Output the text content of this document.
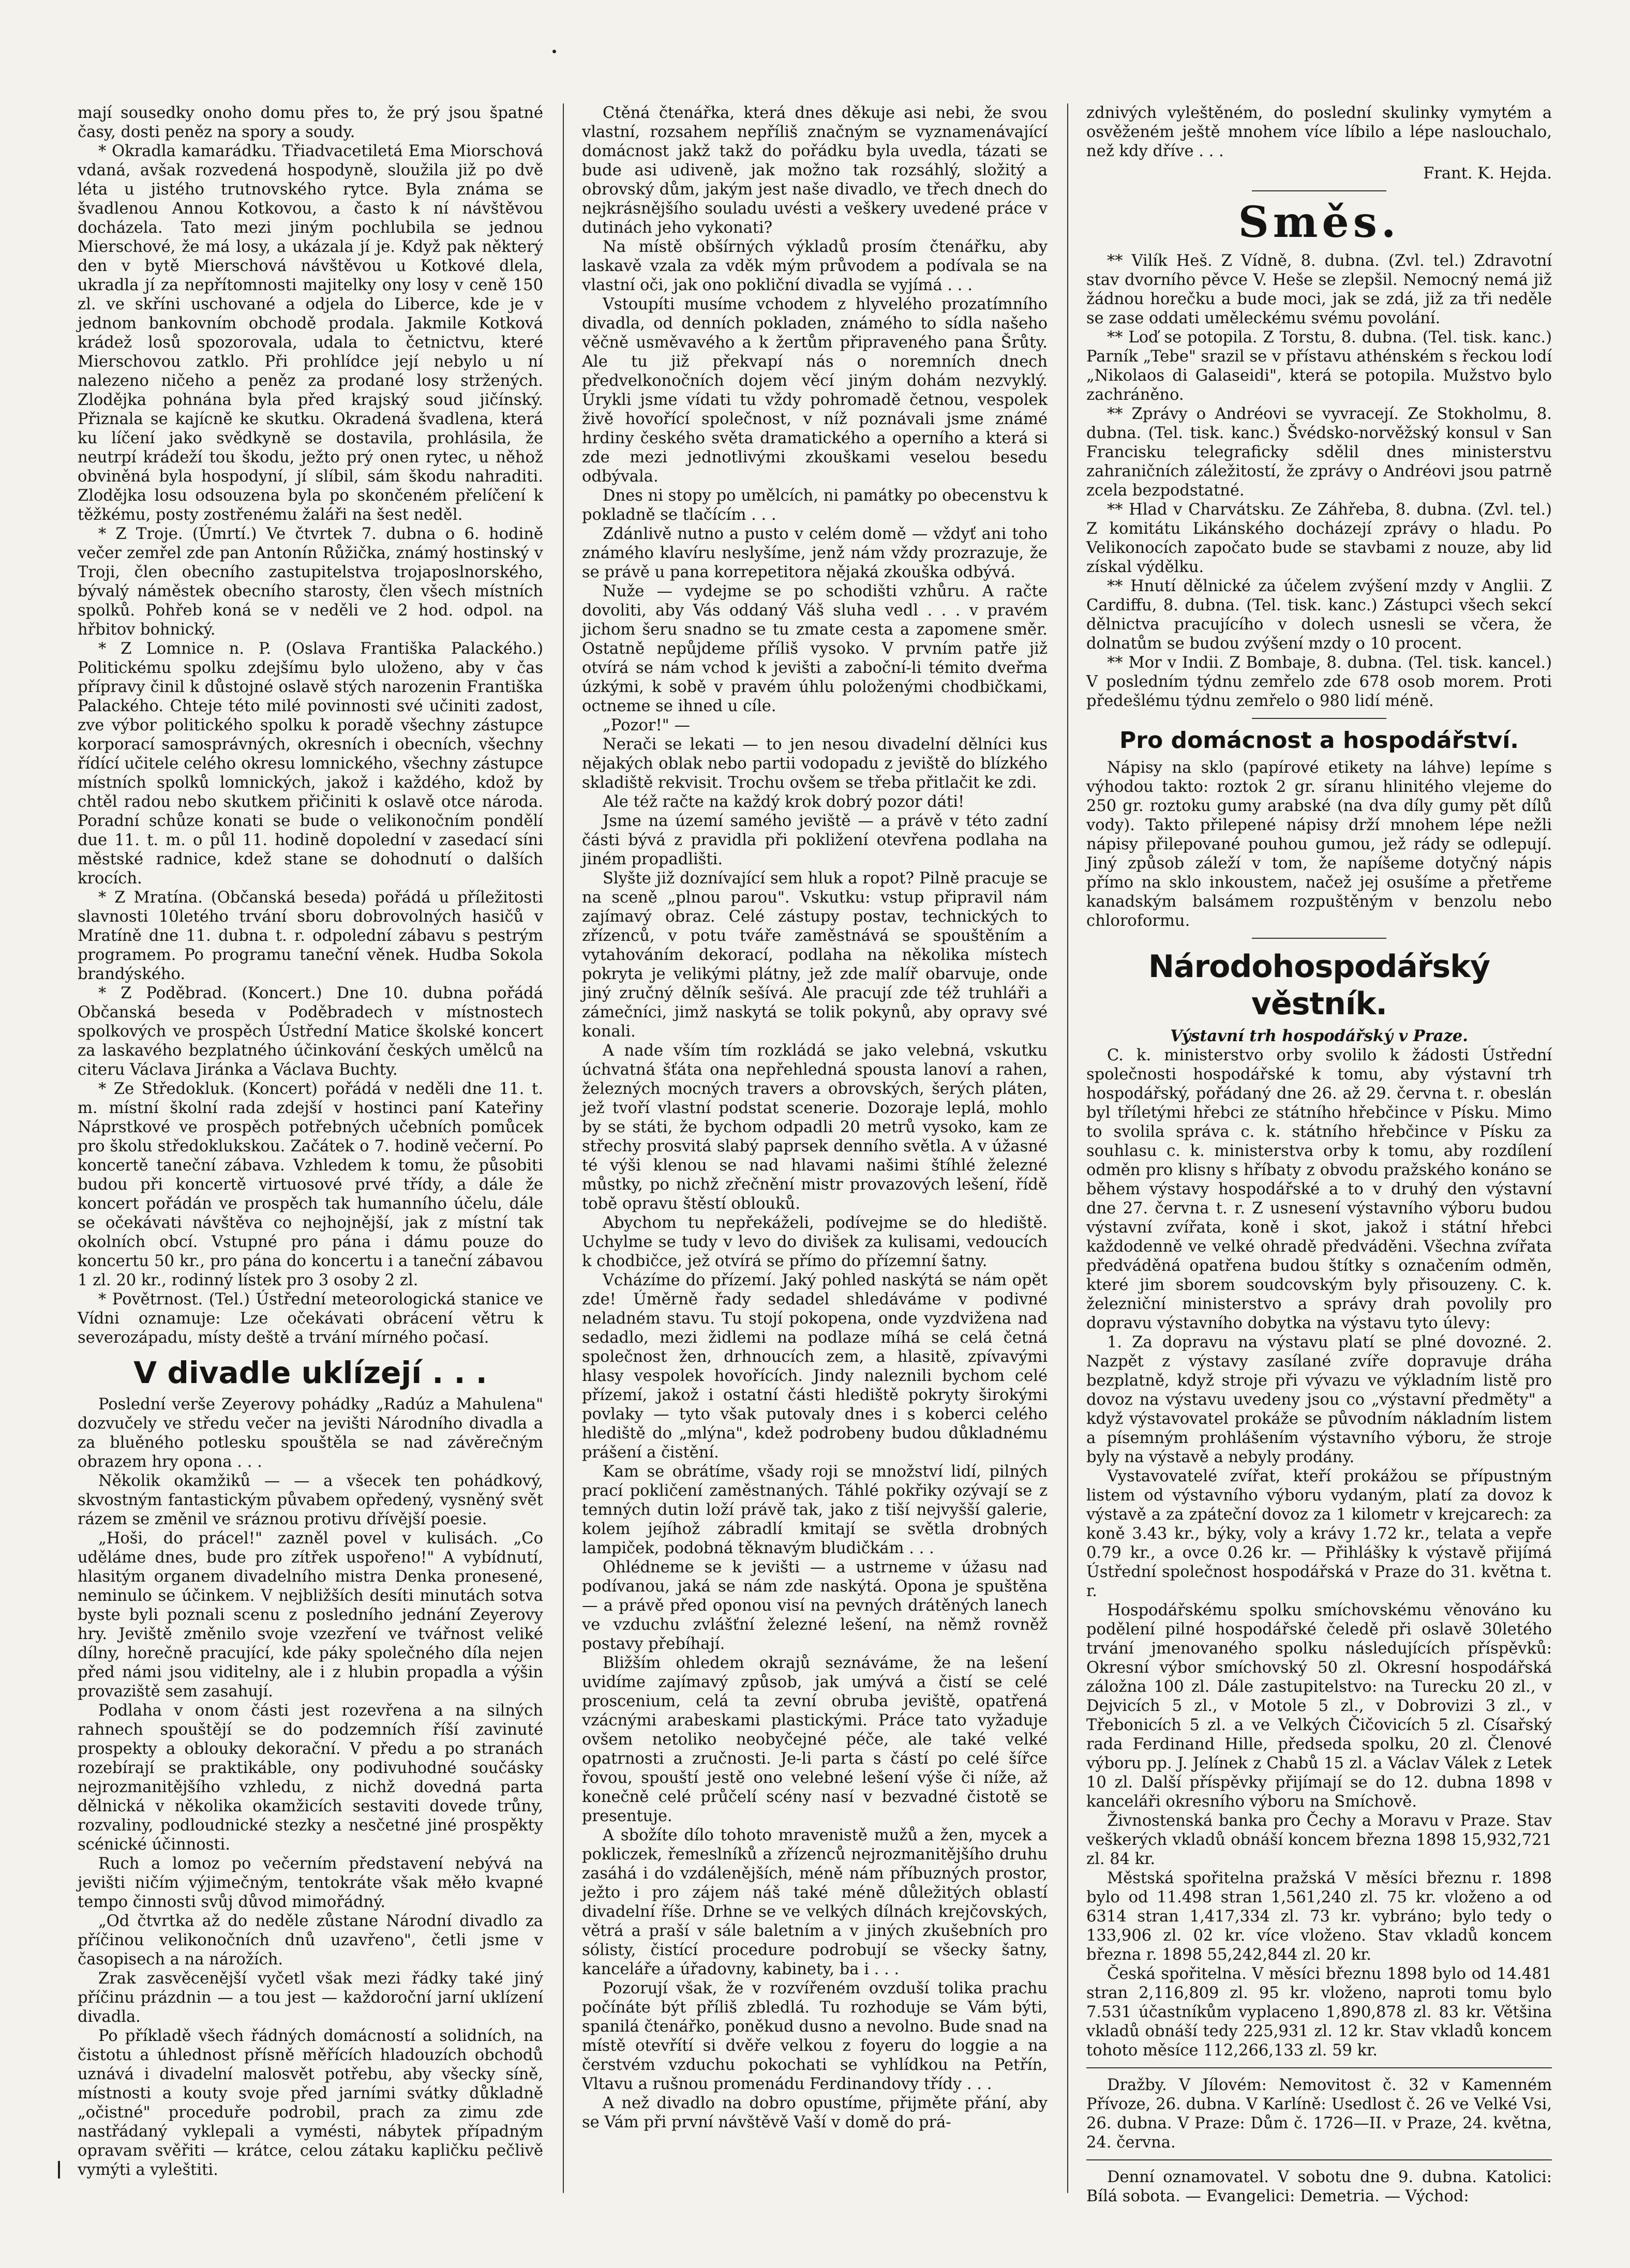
mají sousedky onoho domu přes to, že prý jsou špatné časy, dosti peněz na spory a soudy.

* Okradla kamarádku. Třiadvacetiletá Ema Miorschová vdaná, avšak rozvedená hospodyně, sloužila již po dvě léta u jistého trutnovského rytce. Byla známa se švadlenou Annou Kotkovou, a často k ní návštěvou docházela. Tato mezi jiným pochlubila se jednou Mierschové, že má losy, a ukázala jí je. Když pak některý den v bytě Mierschová návštěvou u Kotkové dlela, ukradla jí za nepřítomnosti majitelky ony losy v ceně 150 zl. ve skříni uschované a odjela do Liberce, kde je v jednom bankovním obchodě prodala. Jakmile Kotková krádež losů spozorovala, udala to četnictvu, které Mierschovou zatklo. Při prohlídce její nebylo u ní nalezeno ničeho a peněz za prodané losy stržených. Zlodějka pohnána byla před krajský soud jičínský. Přiznala se kajícně ke skutku. Okradená švadlena, která ku líčení jako svědkyně se dostavila, prohlásila, že neutrpí krádeží tou škodu, ježto prý onen rytec, u něhož obviněná byla hospodyní, jí slíbil, sám škodu nahraditi. Zlodějka losu odsouzena byla po skončeném přelíčení k těžkému, posty zostřenému žaláři na šest neděl.

* Z Troje. (Úmrtí.) Ve čtvrtek 7. dubna o 6. hodině večer zemřel zde pan Antonín Růžička, známý hostinský v Troji, člen obecního zastupitelstva trojaposlnorského, bývalý náměstek obecního starosty, člen všech místních spolků. Pohřeb koná se v neděli ve 2 hod. odpol. na hřbitov bohnický.

* Z Lomnice n. P. (Oslava Františka Palackého.) Politickému spolku zdejšímu bylo uloženo, aby v čas přípravy činil k důstojné oslavě stých narozenin Františka Palackého. Chteje této milé povinnosti své učiniti zadost, zve výbor politického spolku k poradě všechny zástupce korporací samosprávných, okresních i obecních, všechny řídící učitele celého okresu lomnického, všechny zástupce místních spolků lomnických, jakož i každého, kdož by chtěl radou nebo skutkem přičiniti k oslavě otce národa. Poradní schůze konati se bude o velikonočním pondělí due 11. t. m. o půl 11. hodině dopolední v zasedací síni městské radnice, kdež stane se dohodnutí o dalších krocích.

* Z Mratína. (Občanská beseda) pořádá u příležitosti slavnosti 10letého trvání sboru dobrovolných hasičů v Mratíně dne 11. dubna t. r. odpolední zábavu s pestrým programem. Po programu taneční věnek. Hudba Sokola brandýského.

* Z Poděbrad. (Koncert.) Dne 10. dubna pořádá Občanská beseda v Poděbradech v místnostech spolkových ve prospěch Ústřední Matice školské koncert za laskavého bezplatného účinkování českých umělců na citeru Václava Jiránka a Václava Buchty.

* Ze Středokluk. (Koncert) pořádá v neděli dne 11. t. m. místní školní rada zdejší v hostinci paní Kateřiny Náprstkové ve prospěch potřebných učebních pomůcek pro školu středoklukskou. Začátek o 7. hodině večerní. Po koncertě taneční zábava. Vzhledem k tomu, že působiti budou při koncertě virtuosové prvé třídy, a dále že koncert pořádán ve prospěch tak humanního účelu, dále se očekávati návštěva co nejhojnější, jak z místní tak okolních obcí. Vstupné pro pána i dámu pouze do koncertu 50 kr., pro pána do koncertu i a taneční zábavou 1 zl. 20 kr., rodinný lístek pro 3 osoby 2 zl.

* Povětrnost. (Tel.) Ústřední meteorologická stanice ve Vídni oznamuje: Lze očekávati obrácení větru k severozápadu, místy deště a trvání mírného počasí.

V divadle uklízejí . . .

Poslední verše Zeyerovy pohádky „Radúz a Mahulena" dozvučely ve středu večer na jevišti Národního divadla a za bluěného potlesku spouštěla se nad závěrečným obrazem hry opona . . .

Několik okamžiků — — a všecek ten pohádkový, skvostným fantastickým půvabem opředený, vysněný svět rázem se změnil ve sráznou protivu dřívější poesie.

„Hoši, do prácel!" zazněl povel v kulisách. „Co uděláme dnes, bude pro zítřek uspořeno!" A vybídnutí, hlasitým organem divadelního mistra Denka pronesené, neminulo se účinkem. V nejbližších desíti minutách sotva byste byli poznali scenu z posledního jednání Zeyerovy hry. Jeviště změnilo svoje vzezření ve tvářnost veliké dílny, horečně pracující, kde páky společného díla nejen před námi jsou viditelny, ale i z hlubin propadla a výšin provaziště sem zasahují.

Podlaha v onom části jest rozevřena a na silných rahnech spouštějí se do podzemních říší zavinuté prospekty a oblouky dekorační. V předu a po stranách rozebírají se praktikáble, ony podivuhodné součásky nejrozmanitějšího vzhledu, z nichž dovedná parta dělnická v několika okamžicích sestaviti dovede trůny, rozvaliny, podloudnické stezky a nesčetné jiné prospěkty scénické účinnosti.

Ruch a lomoz po večerním představení nebývá na jevišti ničím výjimečným, tentokráte však měło kvapné tempo činnosti svůj důvod mimořádný.

„Od čtvrtka až do neděle zůstane Národní divadlo za příčinou velikonočních dnů uzavřeno", četli jsme v časopisech a na nárožích.

Zrak zasvěcenější vyčetl však mezi řádky také jiný příčinu prázdnin — a tou jest — každoroční jarní uklízení divadla.

Po příkladě všech řádných domácností a solidních, na čistotu a úhlednost přísně měřících hladouzích obchodů uznává i divadelní malosvět potřebu, aby všecky síně, místnosti a kouty svoje před jarními svátky důkladně „očistné" proceduře podrobil, prach za zimu zde nastřádaný vyklepali a vymésti, nábytek případným opravam svěřiti — krátce, celou zátaku kapličku pečlivě vymýti a vyleštiti.

Ctěná čtenářka, která dnes děkuje asi nebi, že svou vlastní, rozsahem nepříliš značným se vyznamenávající domácnost jakž takž do pořádku byla uvedla, tázati se bude asi udiveně, jak možno tak rozsáhlý, složitý a obrovský dům, jakým jest naše divadlo, ve třech dnech do nejkrásnějšího souladu uvésti a veškery uvedené práce v dutinách jeho vykonati?

Na místě obšírných výkladů prosím čtenářku, aby laskavě vzala za vděk mým průvodem a podívala se na vlastní oči, jak ono pokliční divadla se vyjímá . . .

Vstoupíti musíme vchodem z hlyvelého prozatímního divadla, od denních pokladen, známého to sídla našeho věčně usměvavého a k žertům připraveného pana Šrůty. Ale tu již překvapí nás o noremních dnech předvelkonočních dojem věcí jiným dohám nezvyklý. Úrykli jsme vídati tu vždy pohromadě četnou, vespolek živě hovořící společnost, v níž poznávali jsme známé hrdiny českého světa dramatického a operního a která si zde mezi jednotlivými zkouškami veselou besedu odbývala.

Dnes ni stopy po umělcích, ni památky po obecenstvu k pokladně se tlačícím . . .

Zdánlivě nutno a pusto v celém domě — vždyť ani toho známého klavíru neslyšíme, jenž nám vždy prozrazuje, že se právě u pana korrepetitora nějaká zkouška odbývá.

Nuže — vydejme se po schodišti vzhůru. A račte dovoliti, aby Vás oddaný Váš sluha vedl . . . v pravém jichom šeru snadno se tu zmate cesta a zapomene směr. Ostatně nepůjdeme příliš vysoko. V prvním patře již otvírá se nám vchod k jevišti a zaboční-li témito dveřma úzkými, k sobě v pravém úhlu položenými chodbičkami, octneme se ihned u cíle.

„Pozor!" —

Nerači se lekati — to jen nesou divadelní dělníci kus nějakých oblak nebo partii vodopadu z jeviště do blízkého skladiště rekvisit. Trochu ovšem se třeba přitlačit ke zdi.

Ale též račte na každý krok dobrý pozor dáti!

Jsme na území samého jeviště — a právě v této zadní části bývá z pravidla při pokližení otevřena podlaha na jiném propadlišti.

Slyšte již doznívající sem hluk a ropot? Pilně pracuje se na sceně „plnou parou". Vskutku: vstup připravil nám zajímavý obraz. Celé zástupy postav, technických to zřízenců, v potu tváře zaměstnává se spouštěním a vytahováním dekorací, podlaha na několika místech pokryta je velikými plátny, jež zde malíř obarvuje, onde jiný zručný dělník sešívá. Ale pracují zde též truhláři a zámečníci, jimž naskytá se tolik pokynů, aby opravy své konali.

A nade vším tím rozkládá se jako velebná, vskutku úchvatná šťáta ona nepřehledná spousta lanoví a rahen, železných mocných travers a obrovských, šerých pláten, jež tvoří vlastní podstat scenerie. Dozoraje leplá, mohlo by se státi, že bychom odpadli 20 metrů vysoko, kam ze střechy prosvitá slabý paprsek denního světla. A v úžasné té výši klenou se nad hlavami našimi štíhlé železné můstky, po nichž zřečnění mistr provazových lešení, řídě tobě opravu štěstí oblouků.

Abychom tu nepřekáželi, podívejme se do hlediště. Uchylme se tudy v levo do divišek za kulisami, vedoucích k chodbičce, jež otvírá se přímo do přízemní šatny.

Vcházíme do přízemí. Jaký pohled naskýtá se nám opět zde! Úměrně řady sedadel shledáváme v podivné neladném stavu. Tu stojí pokopena, onde vyzdviženа nad sedadlo, mezi židlemi na podlaze míhá se celá četná společnost žen, drhnoucích zem, a hlasitě, zpívavými hlasy vespolek hovořících. Jindy naleznili bychom celé přízemí, jakož i ostatní části hlediště pokryty širokými povlaky — tyto však putovaly dnes i s koberci celého hlediště do „mlýna", kdež podrobeny budou důkladnému prášení a čistění.

Kam se obrátíme, všady roji se množství lidí, pilných prací pokličení zaměstnaných. Táhlé pokřiky ozývají se z temných dutin loží právě tak, jako z tiší nejvyšší galerie, kolem jejíhož zábradlí kmitají se světla drobných lampiček, podobná těknavým bludičkám . . .

Ohlédneme se k jevišti — a ustrneme v úžasu nad podívanou, jaká se nám zde naskýtá. Opona je spuštěna — a právě před oponou visí na pevných drátěných lanech ve vzduchu zvlášťní železné lešení, na němž rovněž postavy přebíhají.

Bližším ohledem okrajů seznáváme, že na lešení uvidíme zajímavý způsob, jak umývá a čistí se celé proscenium, celá ta zevní obruba jeviště, opatřená vzácnými arabeskami plastickými. Práce tato vyžaduje ovšem netoliko neobyčejné péče, ale také velké opatrnosti a zručnosti. Je-li parta s částí po celé šířce řovou, spouští jestě ono velebné lešení výše či níže, až konečně celé průčelí scény nasí v bezvadné čistotě se presentuje.

A sbožíte dílo tohoto mravenistě mužů a žen, mycek a pokliczek, řemeslníků a zřízenců nejrozmanitějšího druhu zasáhá i do vzdálenějších, méně nám příbuzných prostor, ježto i pro zájem náš také méně důležitých oblastí divadelní říše. Drhne se ve velkých dílnách krejčovských, větrá a praší v sále baletním a v jiných zkušebních pro sólisty, čistící procedure podrobují se všecky šatny, kanceláře a úřadovny, kabinety, ba i . . .

Pozorují však, že v rozvířeném ovzduší tolika prachu počínáte být příliš zbledlá. Tu rozhoduje se Vám býti, spanilá čtenářko, poněkud dusno a nevolno. Bude snad na místě otevřítí si dvěře velkou z foyeru do loggie a na čerstvém vzduchu pokochati se vyhlídkou na Petřín, Vltavu a rušnou promenádu Ferdinandovy třídy . . .

A než divadlo na dobro opustíme, přijměte přání, aby se Vám při první návštěvě Vaší v domě do prá-

zdnivých vyleštěném, do poslední skulinky vymytém a osvěženém ještě mnohem více líbilo a lépe naslouchalo, než kdy dříve . . .

Frant. K. Hejda.

Směs.

** Vilík Heš. Z Vídně, 8. dubna. (Zvl. tel.) Zdravotní stav dvorního pěvce V. Heše se zlepšil. Nemocný nemá již žádnou horečku a bude moci, jak se zdá, již za tři neděle se zase oddati uměleckému svému povolání.

** Loď se potopila. Z Torstu, 8. dubna. (Tel. tisk. kanc.) Parník „Tebe" srazil se v přístavu athénském s řeckou lodí „Nikolaos di Galaseidi", která se potopila. Mužstvo bylo zachráněno.

** Zprávy o Andréovi se vyvracejí. Ze Stokholmu, 8. dubna. (Tel. tisk. kanc.) Švédsko-norvěžský konsul v San Francisku telegraficky sdělil dnes ministerstvu zahraničních záležitostí, že zprávy o Andréovi jsou patrně zcela bezpodstatné.

** Hlad v Charvátsku. Ze Záhřeba, 8. dubna. (Zvl. tel.) Z komitátu Likánského docházejí zprávy o hladu. Po Velikonocích započato bude se stavbami z nouze, aby lid získal výdělku.

** Hnutí dělnické za účelem zvýšení mzdy v Anglii. Z Cardiffu, 8. dubna. (Tel. tisk. kanc.) Zástupci všech sekcí dělnictva pracujícího v dolech usnesli se včera, že dolnatům se budou zvýšení mzdy o 10 procent.

** Mor v Indii. Z Bombaje, 8. dubna. (Tel. tisk. kancel.) V posledním týdnu zemřelo zde 678 osob morem. Proti předešlému týdnu zemřelo o 980 lidí méně.

Pro domácnost a hospodářství.

Nápisy na sklo (papírové etikety na láhve) lepíme s výhodou takto: roztok 2 gr. síranu hlinitého vlejeme do 250 gr. roztoku gumy arabské (na dva díly gumy pět dílů vody). Takto přilepené nápisy drží mnohem lépe nežli nápisy přilepované pouhou gumou, jež rády se odlepují. Jiný způsob záleží v tom, že napíšeme dotyčný nápis přímo na sklo inkoustem, načež jej osušíme a přetřeme kanadským balsámem rozpuštěným v benzolu nebo chloroformu.

Národohospodářský věstník.

Výstavní trh hospodářský v Praze.

C. k. ministerstvo orby svolilo k žádosti Ústřední společnosti hospodářské k tomu, aby výstavní trh hospodářský, pořádaný dne 26. až 29. června t. r. obeslán byl tříletými hřebci ze státního hřebčince v Písku. Mimo to svolila správa c. k. státního hřebčince v Písku za souhlasu c. k. ministerstva orby k tomu, aby rozdílení odměn pro klisny s hříbaty z obvodu pražského konáno se během výstavy hospodářské a to v druhý den výstavní dne 27. června t. r. Z usnesení výstavního výboru budou výstavní zvířata, koně i skot, jakož i státní hřebci každodenně ve velké ohradě předváděni. Všechna zvířata předváděná opatřena budou štítky s označením odměn, které jim sborem soudcovským byly přisouzeny. C. k. železniční ministerstvo a správy drah povolily pro dopravu výstavního dobytka na výstavu tyto úlevy:

1. Za dopravu na výstavu platí se plné dovozné. 2. Nazpět z výstavy zasílané zvíře dopravuje dráha bezplatně, když stroje při vývazu ve výkladním listě pro dovoz na výstavu uvedeny jsou co „výstavní předměty" a když výstavovatel prokáže se původním nákladním listem a písemným prohlášením výstavního výboru, že stroje byly na výstavě a nebyly prodány.

Vystavovatelé zvířat, kteří prokážou se přípustným listem od výstavního výboru vydaným, platí za dovoz k výstavě a za zpáteční dovoz za 1 kilometr v krejcarech: za koně 3.43 kr., býky, voly a krávy 1.72 kr., telata a vepře 0.79 kr., a ovce 0.26 kr. — Přihlášky k výstavě přijímá Ústřední společnost hospodářská v Praze do 31. května t. r.

Hospodářskému spolku smíchovskému věnováno ku podělení pilné hospodářské čeledě při oslavě 30letého trvání jmenovaného spolku následujících příspěvků: Okresní výbor smíchovský 50 zl. Okresní hospodářská záložna 100 zl. Dále zastupitelstvo: na Turecku 20 zl., v Dejvicích 5 zl., v Motole 5 zl., v Dobrovizi 3 zl., v Třebonicích 5 zl. a ve Velkých Čičovicích 5 zl. Císařský rada Ferdinand Hille, předseda spolku, 20 zl. Členové výboru pp. J. Jelínek z Chabů 15 zl. a Václav Válek z Letek 10 zl. Další příspěvky přijímají se do 12. dubna 1898 v kanceláři okresního výboru na Smíchově.

Živnostenská banka pro Čechy a Moravu v Praze. Stav veškerých vkladů obnáší koncem března 1898 15,932,721 zl. 84 kr.

Městská spořitelna pražská V měsíci březnu r. 1898 bylo od 11.498 stran 1,561,240 zl. 75 kr. vloženo a od 6314 stran 1,417,334 zl. 73 kr. vybráno; bylo tedy o 133,906 zl. 02 kr. více vloženo. Stav vkladů koncem března r. 1898 55,242,844 zl. 20 kr.

Česká spořitelna. V měsíci březnu 1898 bylo od 14.481 stran 2,116,809 zl. 95 kr. vloženo, naproti tomu bylo 7.531 účastníkům vyplaceno 1,890,878 zl. 83 kr. Většina vkladů obnáší tedy 225,931 zl. 12 kr. Stav vkladů koncem tohoto měsíce 112,266,133 zl. 59 kr.

Dražby. V Jílovém: Nemovitost č. 32 v Kamenném Přívoze, 26. dubna. V Karlíně: Usedlost č. 26 ve Velké Vsi, 26. dubna. V Praze: Dům č. 1726—II. v Praze, 24. května, 24. června.

Denní oznamovatel. V sobotu dne 9. dubna. Katolici: Bílá sobota. — Evangelici: Demetria. — Východ:
